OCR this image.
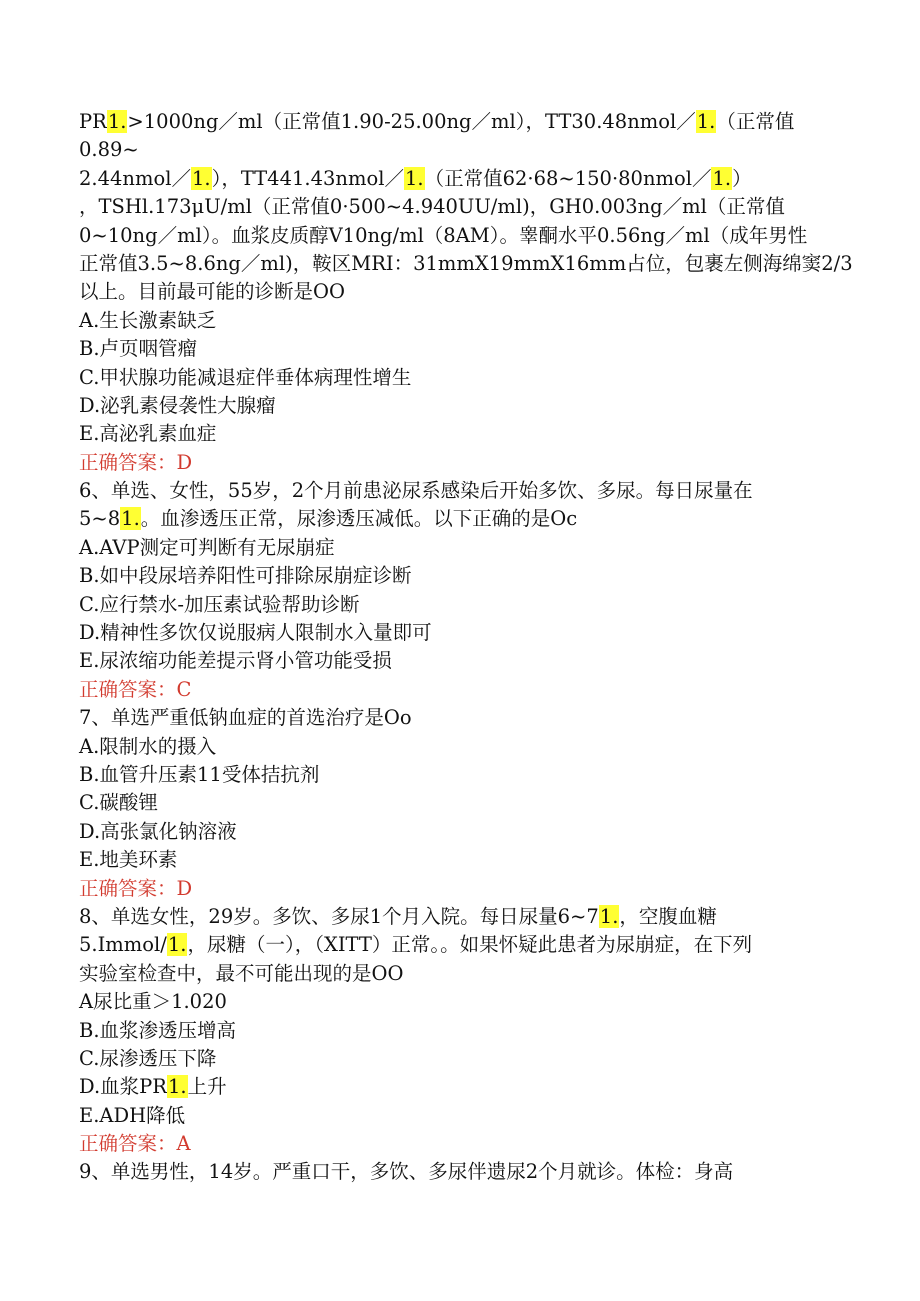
PR1.>1000ng／ml（正常值1.90-25.00ng／ml），TT30.48nmol／1.（正常值
0.89~
2.44nmol／1.），TT441.43nmol／1.（正常值62·68~150·80nmol／1.）
，TSHl.173μU/ml（正常值0·500~4.940UU/ml)，GH0.003ng／ml（正常值
0~10ng／ml）。血浆皮质醇V10ng/ml（8AM）。睾酮水平0.56ng／ml（成年男性
正常值3.5~8.6ng／ml)，鞍区MRI：31mmX19mmX16mm占位，包裹左侧海绵窦2/3
以上。目前最可能的诊断是OO
A.生长激素缺乏
B.卢页咽管瘤
C.甲状腺功能减退症伴垂体病理性增生
D.泌乳素侵袭性大腺瘤
E.高泌乳素血症
正确答案：D
6、单选、女性，55岁，2个月前患泌尿系感染后开始多饮、多尿。每日尿量在
5~81.。血渗透压正常，尿渗透压减低。以下正确的是Oc
A.AVP测定可判断有无尿崩症
B.如中段尿培养阳性可排除尿崩症诊断
C.应行禁水-加压素试验帮助诊断
D.精神性多饮仅说服病人限制水入量即可
E.尿浓缩功能差提示肾小管功能受损
正确答案：C
7、单选严重低钠血症的首选治疗是Oo
A.限制水的摄入
B.血管升压素11受体拮抗剂
C.碳酸锂
D.高张氯化钠溶液
E.地美环素
正确答案：D
8、单选女性，29岁。多饮、多尿1个月入院。每日尿量6~71.，空腹血糖
5.Immol/1.，尿糖（一），（XITT）正常。。如果怀疑此患者为尿崩症，在下列
实验室检查中，最不可能出现的是OO
A尿比重＞1.020
B.血浆渗透压增高
C.尿渗透压下降
D.血浆PR1.上升
E.ADH降低
正确答案：A
9、单选男性，14岁。严重口干，多饮、多尿伴遗尿2个月就诊。体检：身高
